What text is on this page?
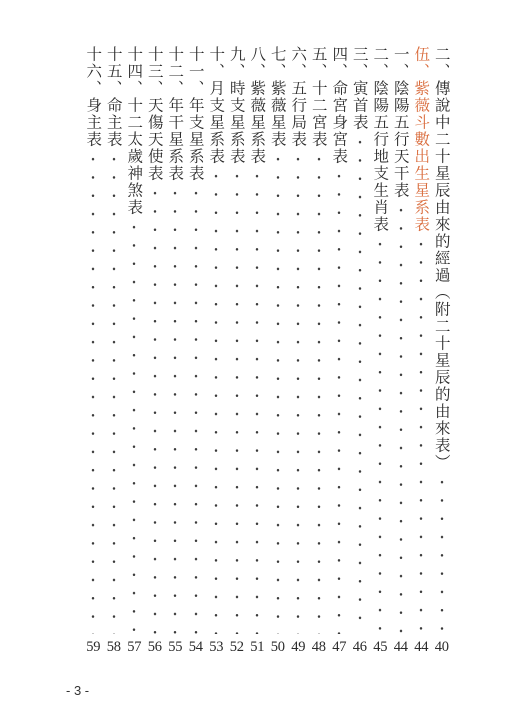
二、傳說中二十星辰由來的經過（附二十星辰的由來表）
40
伍、紫薇斗數出生星系表
44
一、陰陽五行天干表
44
二、陰陽五行地支生肖表
45
三、寅首表
46
四、命宮身宮表
47
五、十二宮表
48
六、五行局表
49
七、紫薇星表
50
八、紫薇星系表
51
九、時支星系表
52
十、月支星系表
53
十一、年支星系表
54
十二、年干星系表
55
十三、天傷天使表
56
十四、十二太歲神煞表
57
十五、命主表
58
十六、身主表
59
- 3 -
